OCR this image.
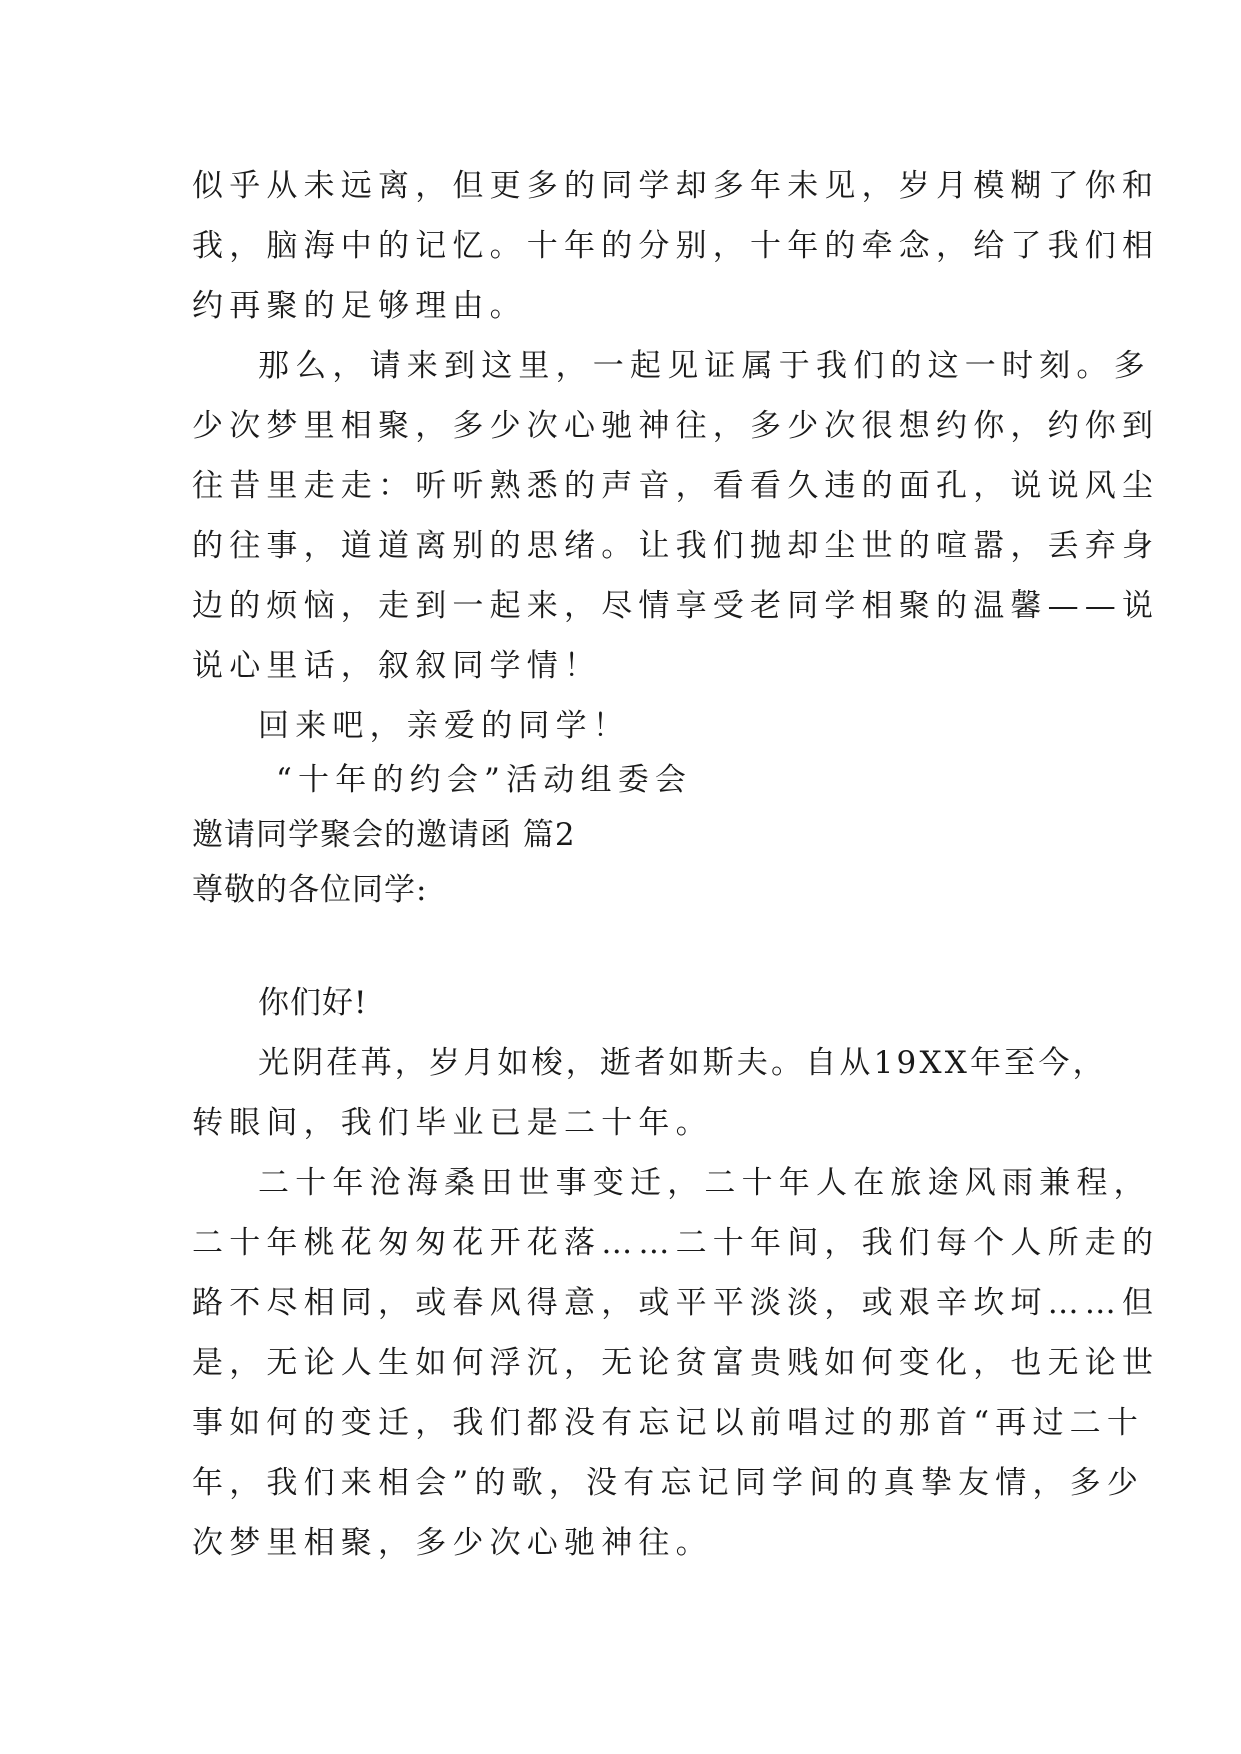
似乎从未远离，但更多的同学却多年未见，岁月模糊了你和
我，脑海中的记忆。十年的分别，十年的牵念，给了我们相
约再聚的足够理由。
那么，请来到这里，一起见证属于我们的这一时刻。多
少次梦里相聚，多少次心驰神往，多少次很想约你，约你到
往昔里走走：听听熟悉的声音，看看久违的面孔，说说风尘
的往事，道道离别的思绪。让我们抛却尘世的喧嚣，丢弃身
边的烦恼，走到一起来，尽情享受老同学相聚的温馨——说
说心里话，叙叙同学情！
回来吧，亲爱的同学！
“十年的约会”活动组委会
邀请同学聚会的邀请函 篇2
尊敬的各位同学:
你们好!
光阴荏苒，岁月如梭，逝者如斯夫。自从19XX年至今，
转眼间，我们毕业已是二十年。
二十年沧海桑田世事变迁，二十年人在旅途风雨兼程，
二十年桃花匆匆花开花落……二十年间，我们每个人所走的
路不尽相同，或春风得意，或平平淡淡，或艰辛坎坷……但
是，无论人生如何浮沉，无论贫富贵贱如何变化，也无论世
事如何的变迁，我们都没有忘记以前唱过的那首“再过二十
年，我们来相会”的歌，没有忘记同学间的真挚友情，多少
次梦里相聚，多少次心驰神往。
